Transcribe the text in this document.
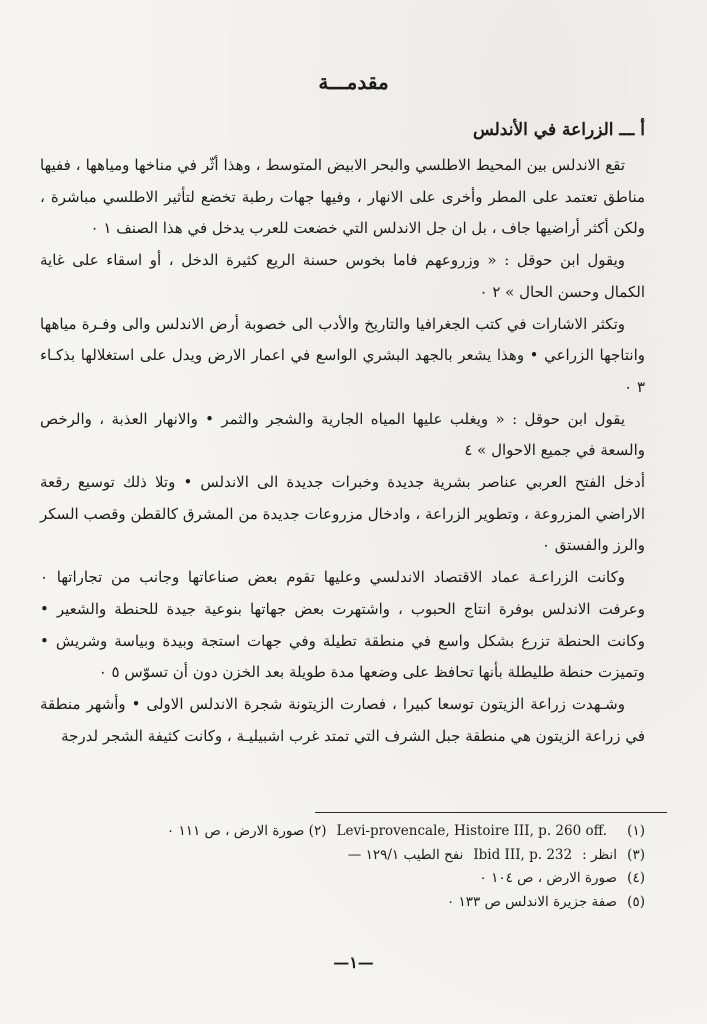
مقدمـــة
أ ـــ الزراعة في الأندلس

تقع الاندلس بين المحيط الاطلسي والبحر الابيض المتوسط ، وهذا أثّر في مناخها ومياهها ، ففيها مناطق تعتمد على المطر وأخرى على الانهار ، وفيها جهات رطبة تخضع لتأثير الاطلسي مباشرة ، ولكن أكثر أراضيها جاف ، بل ان جل الاندلس التي خضعت للعرب يدخل في هذا الصنف ١ ٠

ويقول ابن حوقل : « وزروعهم فاما بخوس حسنة الريع كثيرة الدخل ، أو اسقاء على غاية الكمال وحسن الحال » ٢ ٠

وتكثر الاشارات في كتب الجغرافيا والتاريخ والأدب الى خصوبة أرض الاندلس والى وفـرة مياهها وانتاجها الزراعي • وهذا يشعر بالجهد البشري الواسع في اعمار الارض ويدل على استغلالها بذكـاء ٣ ٠

يقول ابن حوقل : « ويغلب عليها المياه الجارية والشجر والثمر • والانهار العذبة ، والرخص والسعة في جميع الاحوال » ٤

أدخل الفتح العربي عناصر بشرية جديدة وخبرات جديدة الى الاندلس • وتلا ذلك توسيع رقعة الاراضي المزروعة ، وتطوير الزراعة ، وادخال مزروعات جديدة من المشرق كالقطن وقصب السكر والرز والفستق ٠

وكانت الزراعـة عماد الاقتصاد الاندلسي وعليها تقوم بعض صناعاتها وجانب من تجاراتها ٠ وعرفت الاندلس بوفرة انتاج الحبوب ، واشتهرت بعض جهاتها بنوعية جيدة للحنطة والشعير • وكانت الحنطة تزرع بشكل واسع في منطقة تطيلة وفي جهات استجة وبيدة وبياسة وشريش • وتميزت حنطة طليطلة بأنها تحافظ على وضعها مدة طويلة بعد الخزن دون أن تسوّس ٥ ٠

وشـهدت زراعة الزيتون توسعا كبيرا ، فصارت الزيتونة شجرة الاندلس الاولى • وأشهر منطقة في زراعة الزيتون هي منطقة جبل الشرف التي تمتد غرب اشبيليـة ، وكانت كثيفة الشجر لدرجة

(١)
Levi-provencale, Histoire III, p. 260 off.
(٢) صورة الارض ، ص ١١١ ٠
(٣)
انظر :
Ibid III, p. 232
نفح الطيب ١٢٩/١ —
(٤)
صورة الارض ، ص ١٠٤ ٠
(٥)
صفة جزيرة الاندلس ص ١٣٣ ٠
—١—
